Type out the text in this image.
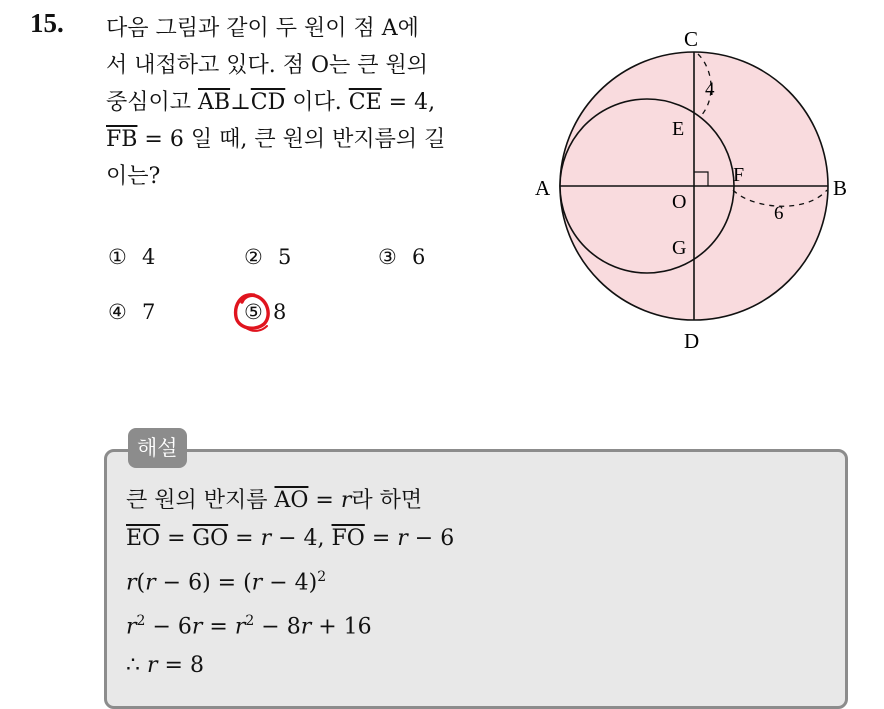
15. 다음 그림과 같이 두 원이 점 A에
서 내접하고 있다. 점 O는 큰 원의
중심이고 $\overline{AB}\perp\overline{CD}$ 이다. $\overline{CE} = 4$,
$\overline{FB} = 6$ 일 때, 큰 원의 반지름의 길
이는?
① 4	② 5	③ 6
④ 7	⑤ 8
C
D
A	B
E
F
O
G
4
6
해설
큰 원의 반지름 $\overline{AO} = r$라 하면
$\overline{EO} = \overline{GO} = r - 4$, $\overline{FO} = r - 6$
$r(r - 6) = (r - 4)^2$
$r^2 - 6r = r^2 - 8r + 16$
∴ r = 8
